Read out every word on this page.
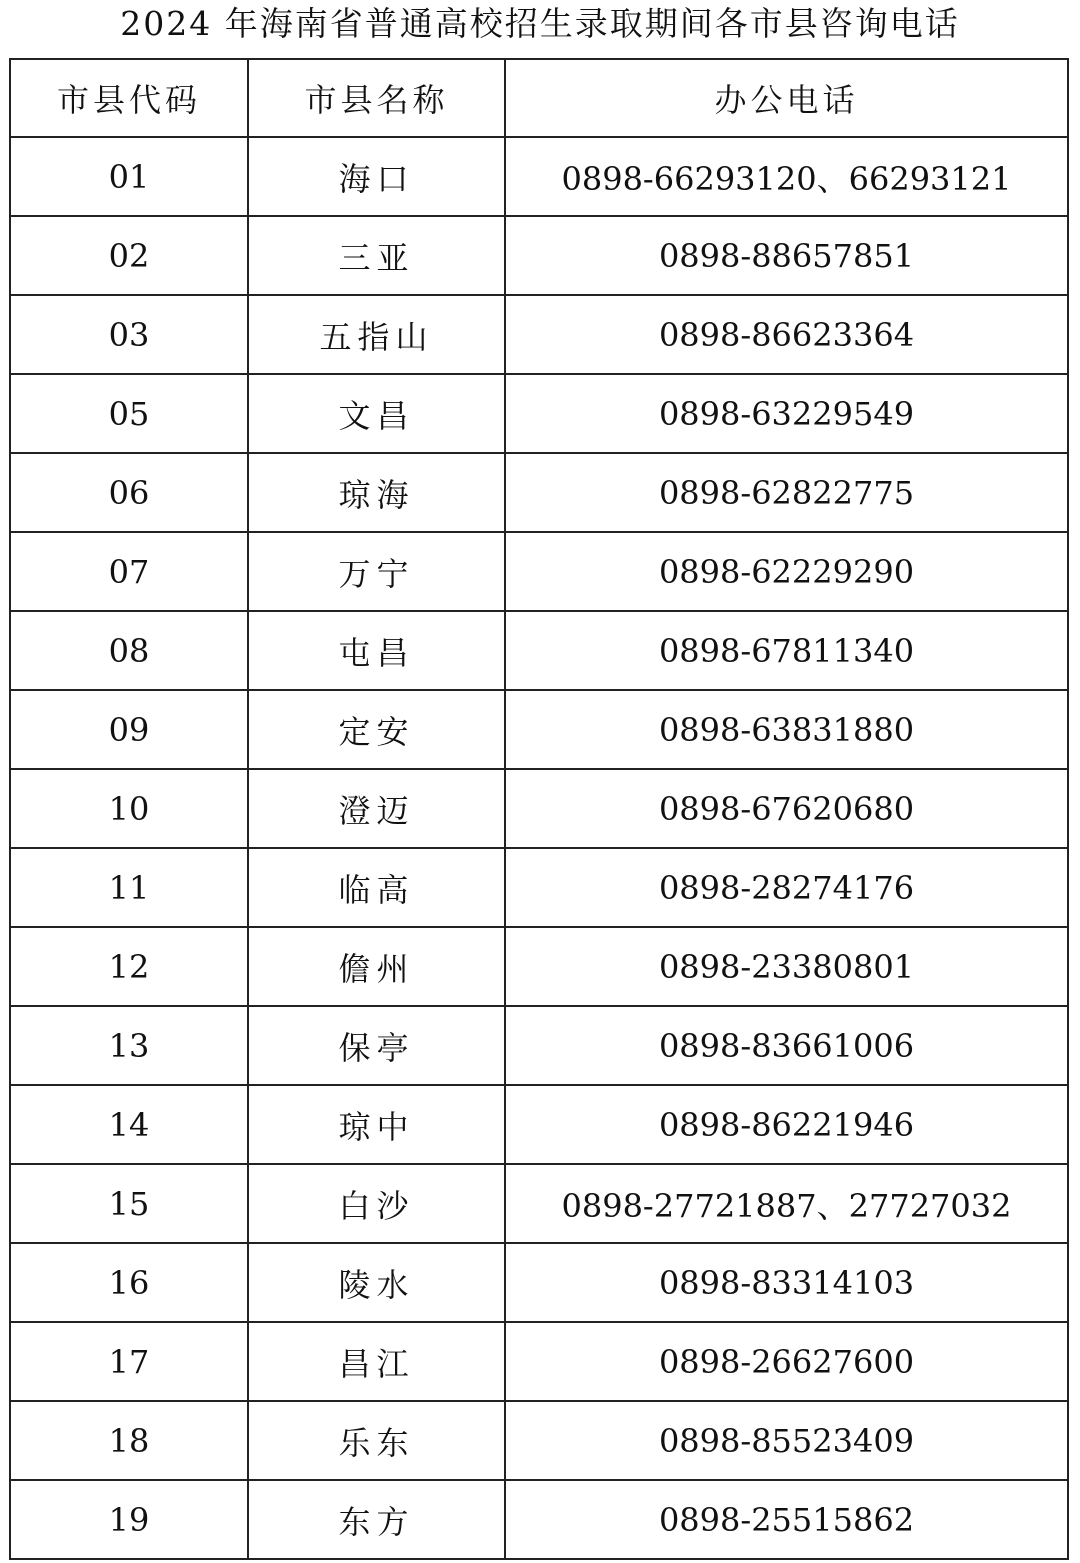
2024 年海南省普通高校招生录取期间各市县咨询电话
市县代码	市县名称	办公电话
01	海口	0898-66293120、66293121
02	三亚	0898-88657851
03	五指山	0898-86623364
05	文昌	0898-63229549
06	琼海	0898-62822775
07	万宁	0898-62229290
08	屯昌	0898-67811340
09	定安	0898-63831880
10	澄迈	0898-67620680
11	临高	0898-28274176
12	儋州	0898-23380801
13	保亭	0898-83661006
14	琼中	0898-86221946
15	白沙	0898-27721887、27727032
16	陵水	0898-83314103
17	昌江	0898-26627600
18	乐东	0898-85523409
19	东方	0898-25515862
